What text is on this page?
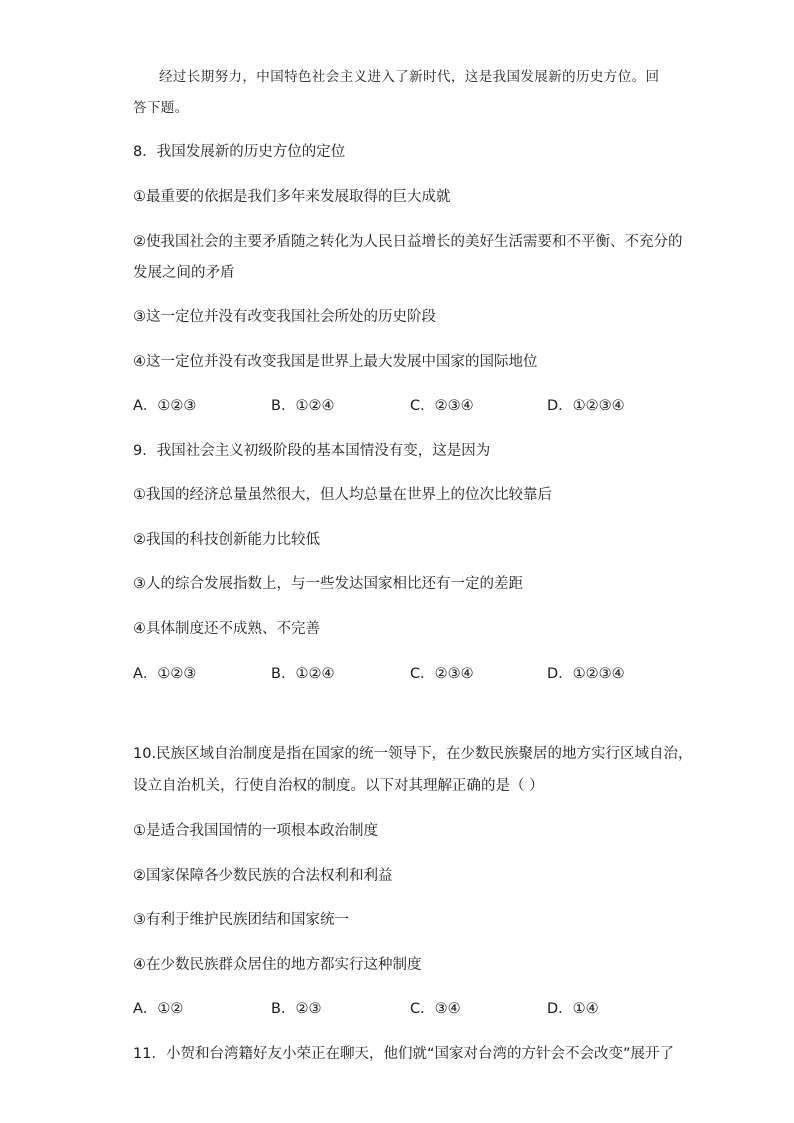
经过长期努力，中国特色社会主义进入了新时代，这是我国发展新的历史方位。回
答下题。
8．我国发展新的历史方位的定位
①最重要的依据是我们多年来发展取得的巨大成就
②使我国社会的主要矛盾随之转化为人民日益增长的美好生活需要和不平衡、不充分的
发展之间的矛盾
③这一定位并没有改变我国社会所处的历史阶段
④这一定位并没有改变我国是世界上最大发展中国家的国际地位
A．①②③	B．①②④	C．②③④	D．①②③④
9．我国社会主义初级阶段的基本国情没有变，这是因为
①我国的经济总量虽然很大，但人均总量在世界上的位次比较靠后
②我国的科技创新能力比较低
③人的综合发展指数上，与一些发达国家相比还有一定的差距
④具体制度还不成熟、不完善
A．①②③	B．①②④	C．②③④	D．①②③④
10.民族区域自治制度是指在国家的统一领导下，在少数民族聚居的地方实行区域自治，
设立自治机关，行使自治权的制度。以下对其理解正确的是（ ）
①是适合我国国情的一项根本政治制度
②国家保障各少数民族的合法权利和利益
③有利于维护民族团结和国家统一
④在少数民族群众居住的地方都实行这种制度
A．①②	B．②③	C．③④	D．①④
11．小贺和台湾籍好友小荣正在聊天，他们就“国家对台湾的方针会不会改变”展开了
